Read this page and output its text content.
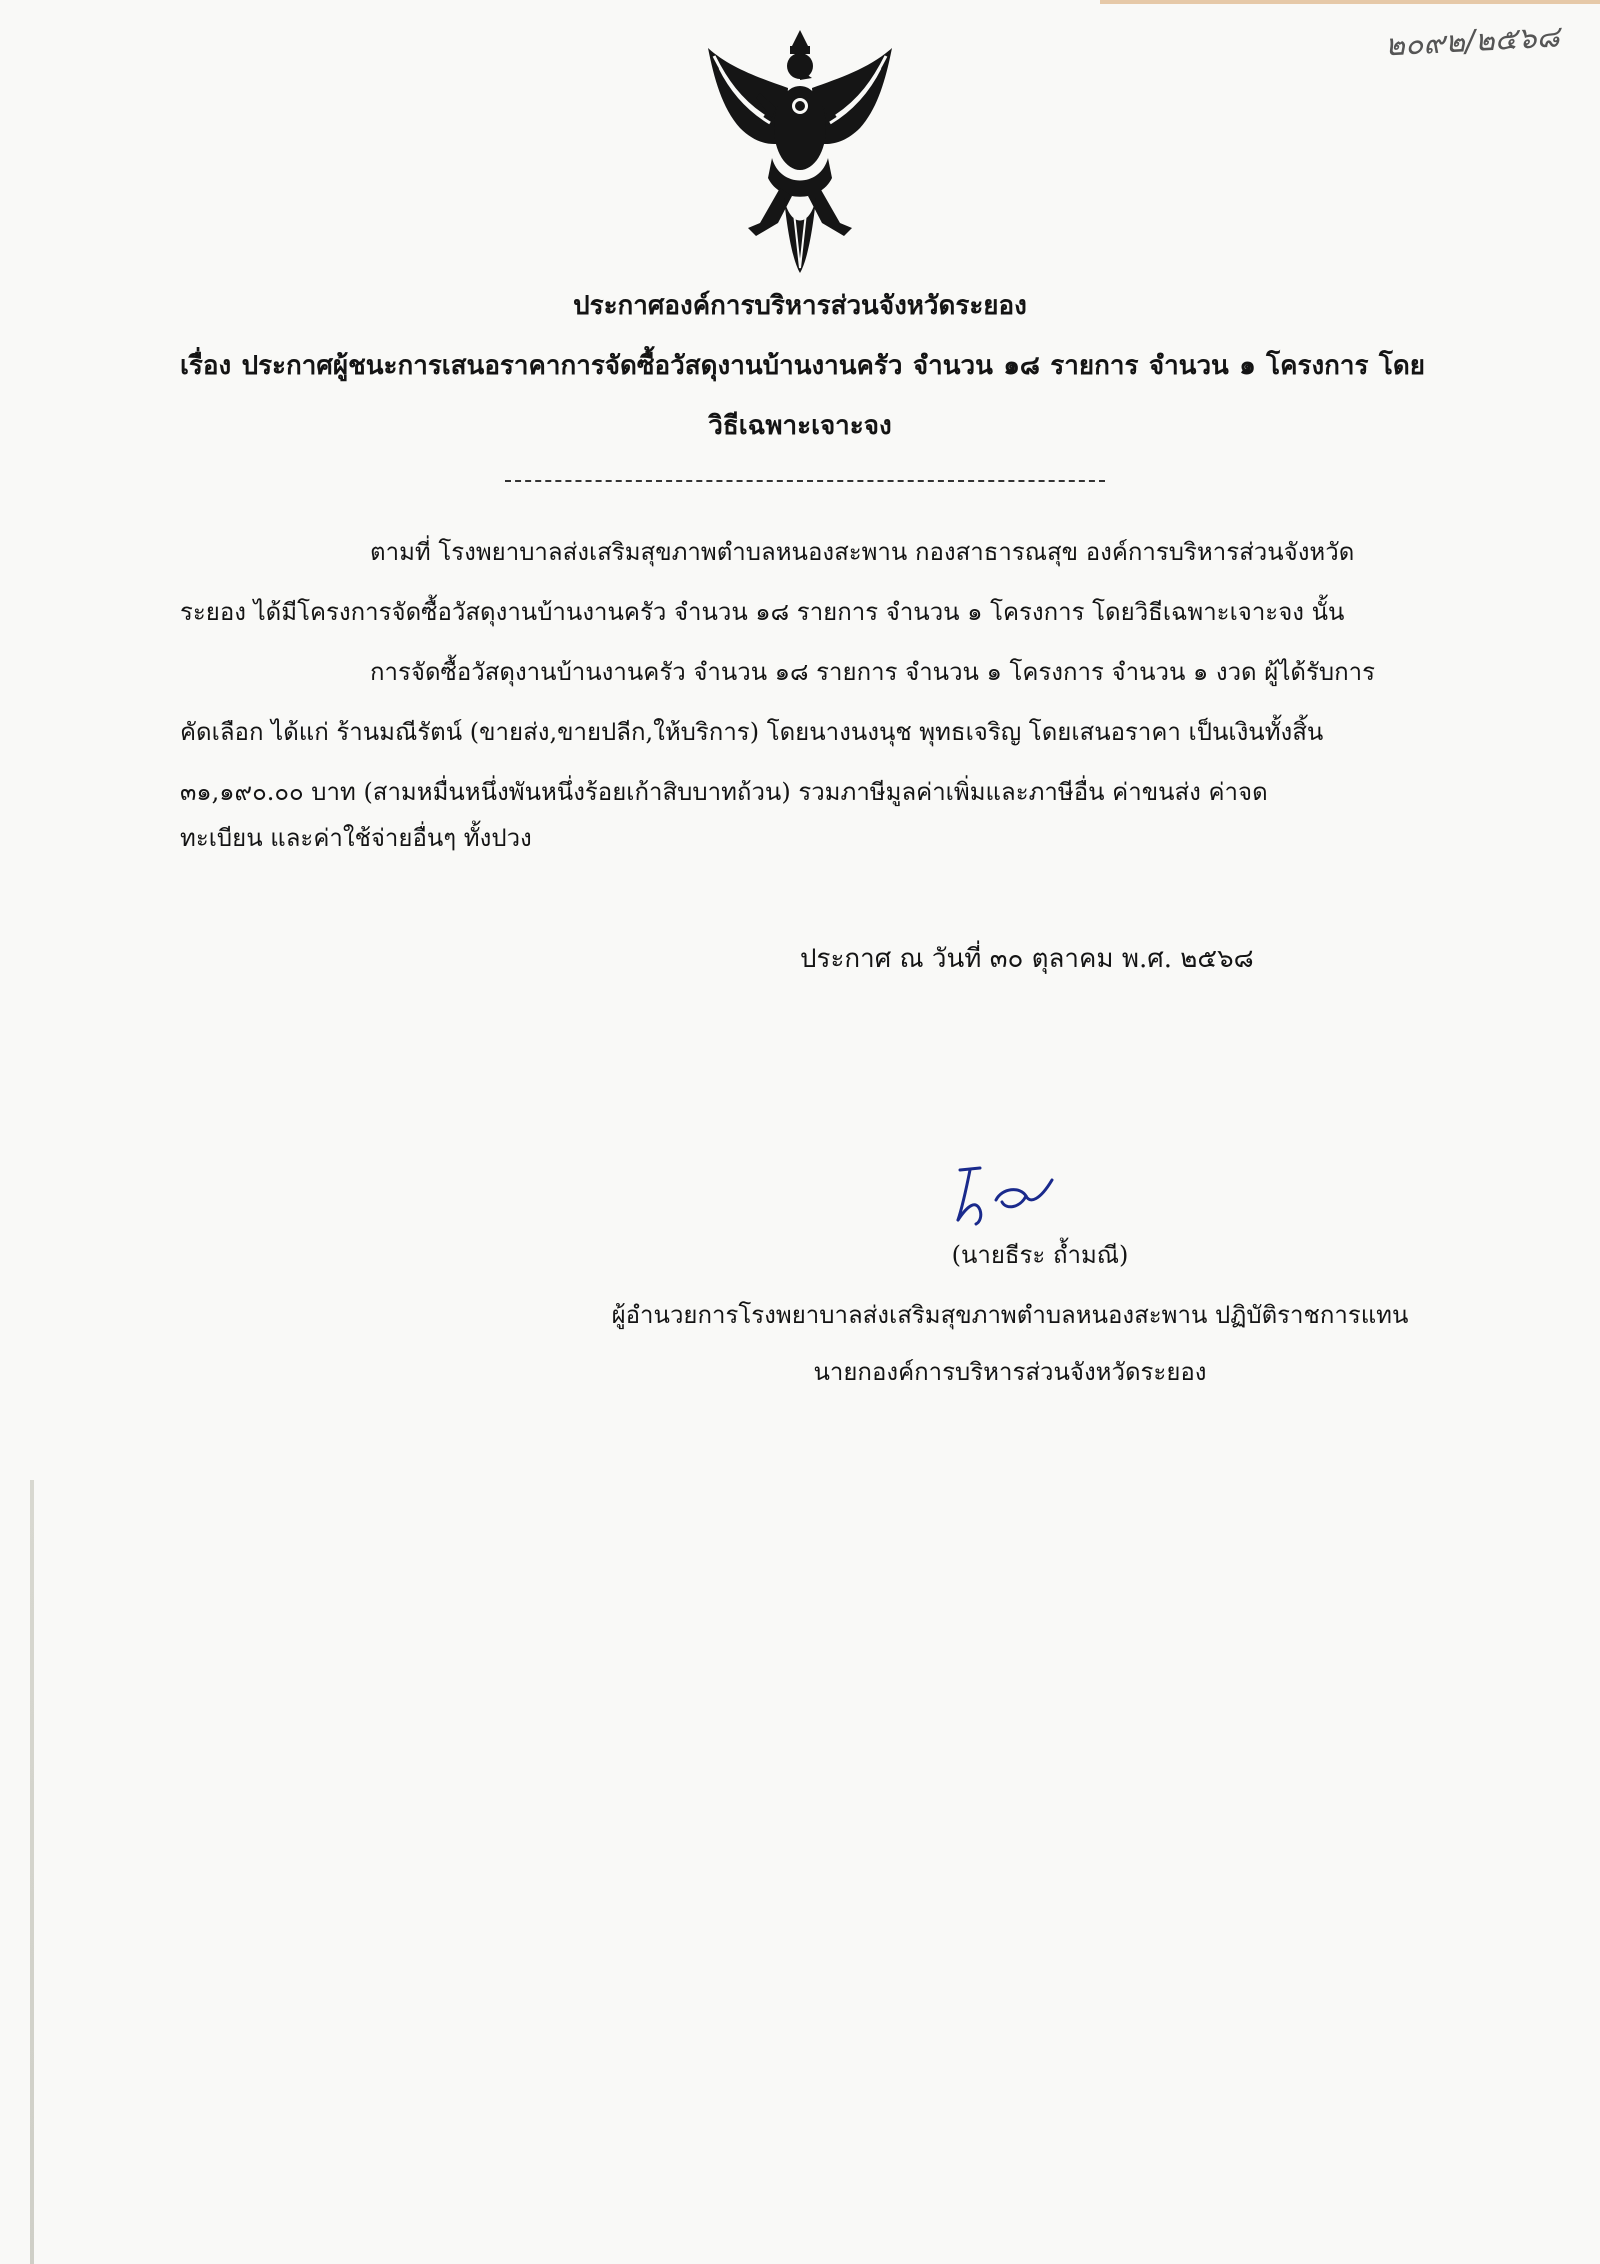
๒๐๙๒/๒๕๖๘
ประกาศองค์การบริหารส่วนจังหวัดระยอง
เรื่อง ประกาศผู้ชนะการเสนอราคาการจัดซื้อวัสดุงานบ้านงานครัว จำนวน ๑๘ รายการ จำนวน ๑ โครงการ โดย
วิธีเฉพาะเจาะจง
ตามที่ โรงพยาบาลส่งเสริมสุขภาพตำบลหนองสะพาน กองสาธารณสุข องค์การบริหารส่วนจังหวัด
ระยอง ได้มีโครงการจัดซื้อวัสดุงานบ้านงานครัว จำนวน ๑๘ รายการ จำนวน ๑ โครงการ โดยวิธีเฉพาะเจาะจง นั้น
การจัดซื้อวัสดุงานบ้านงานครัว จำนวน ๑๘ รายการ จำนวน ๑ โครงการ จำนวน ๑ งวด ผู้ได้รับการ
คัดเลือก ได้แก่ ร้านมณีรัตน์ (ขายส่ง,ขายปลีก,ให้บริการ) โดยนางนงนุช พุทธเจริญ โดยเสนอราคา เป็นเงินทั้งสิ้น
๓๑,๑๙๐.๐๐ บาท (สามหมื่นหนึ่งพันหนึ่งร้อยเก้าสิบบาทถ้วน) รวมภาษีมูลค่าเพิ่มและภาษีอื่น ค่าขนส่ง ค่าจด
ทะเบียน และค่าใช้จ่ายอื่นๆ ทั้งปวง
ประกาศ ณ วันที่ ๓๐ ตุลาคม พ.ศ. ๒๕๖๘
(นายธีระ ถ้ำมณี)
ผู้อำนวยการโรงพยาบาลส่งเสริมสุขภาพตำบลหนองสะพาน ปฏิบัติราชการแทน
นายกองค์การบริหารส่วนจังหวัดระยอง
